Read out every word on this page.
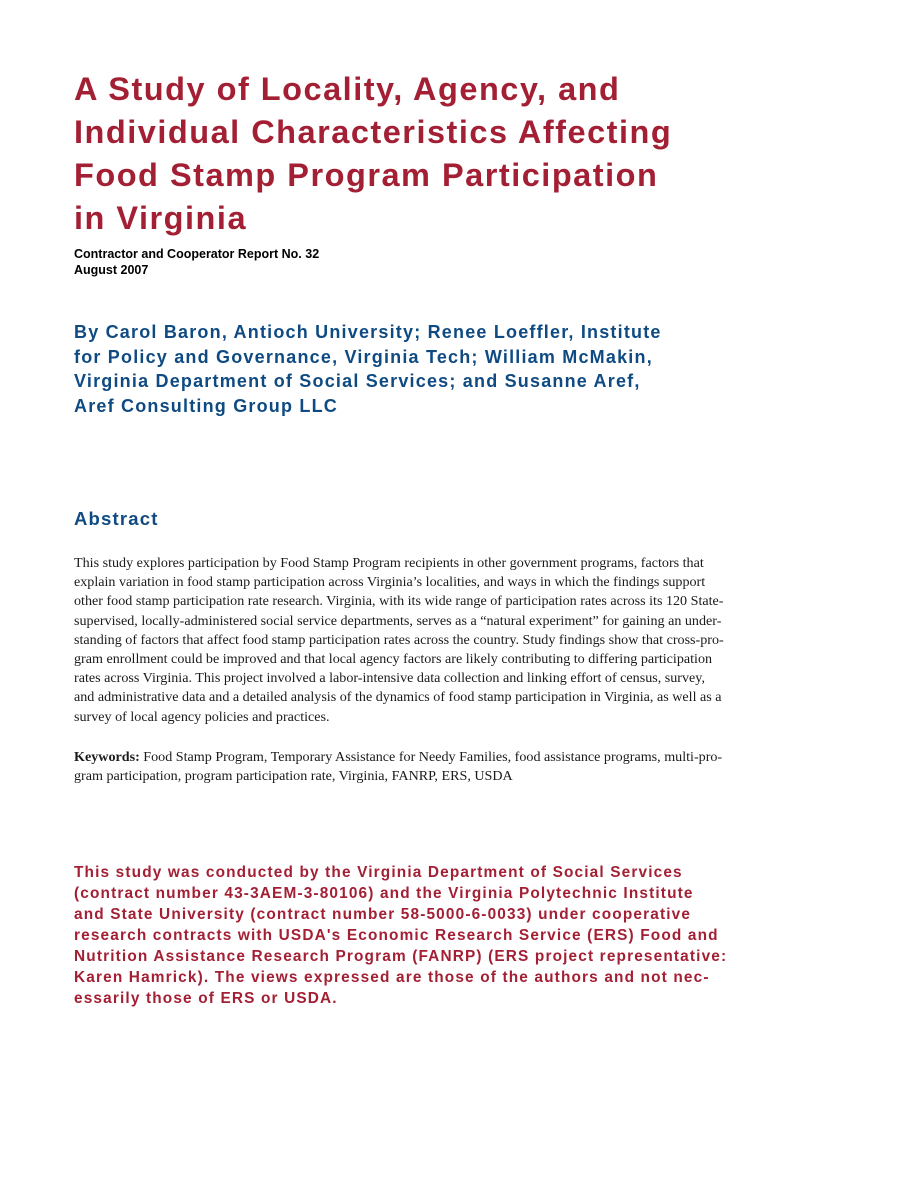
A Study of Locality, Agency, and
Individual Characteristics Affecting
Food Stamp Program Participation
in Virginia
Contractor and Cooperator Report No. 32
August 2007
By Carol Baron, Antioch University; Renee Loeffler, Institute
for Policy and Governance, Virginia Tech; William McMakin,
Virginia Department of Social Services; and Susanne Aref,
Aref Consulting Group LLC
Abstract
This study explores participation by Food Stamp Program recipients in other government programs, factors that
explain variation in food stamp participation across Virginia’s localities, and ways in which the findings support
other food stamp participation rate research. Virginia, with its wide range of participation rates across its 120 State-
supervised, locally-administered social service departments, serves as a “natural experiment” for gaining an under-
standing of factors that affect food stamp participation rates across the country. Study findings show that cross-pro-
gram enrollment could be improved and that local agency factors are likely contributing to differing participation
rates across Virginia. This project involved a labor-intensive data collection and linking effort of census, survey,
and administrative data and a detailed analysis of the dynamics of food stamp participation in Virginia, as well as a
survey of local agency policies and practices.
Keywords: Food Stamp Program, Temporary Assistance for Needy Families, food assistance programs, multi-pro-
gram participation, program participation rate, Virginia, FANRP, ERS, USDA
This study was conducted by the Virginia Department of Social Services
(contract number 43-3AEM-3-80106) and the Virginia Polytechnic Institute
and State University (contract number 58-5000-6-0033) under cooperative
research contracts with USDA's Economic Research Service (ERS) Food and
Nutrition Assistance Research Program (FANRP) (ERS project representative:
Karen Hamrick). The views expressed are those of the authors and not nec-
essarily those of ERS or USDA.
